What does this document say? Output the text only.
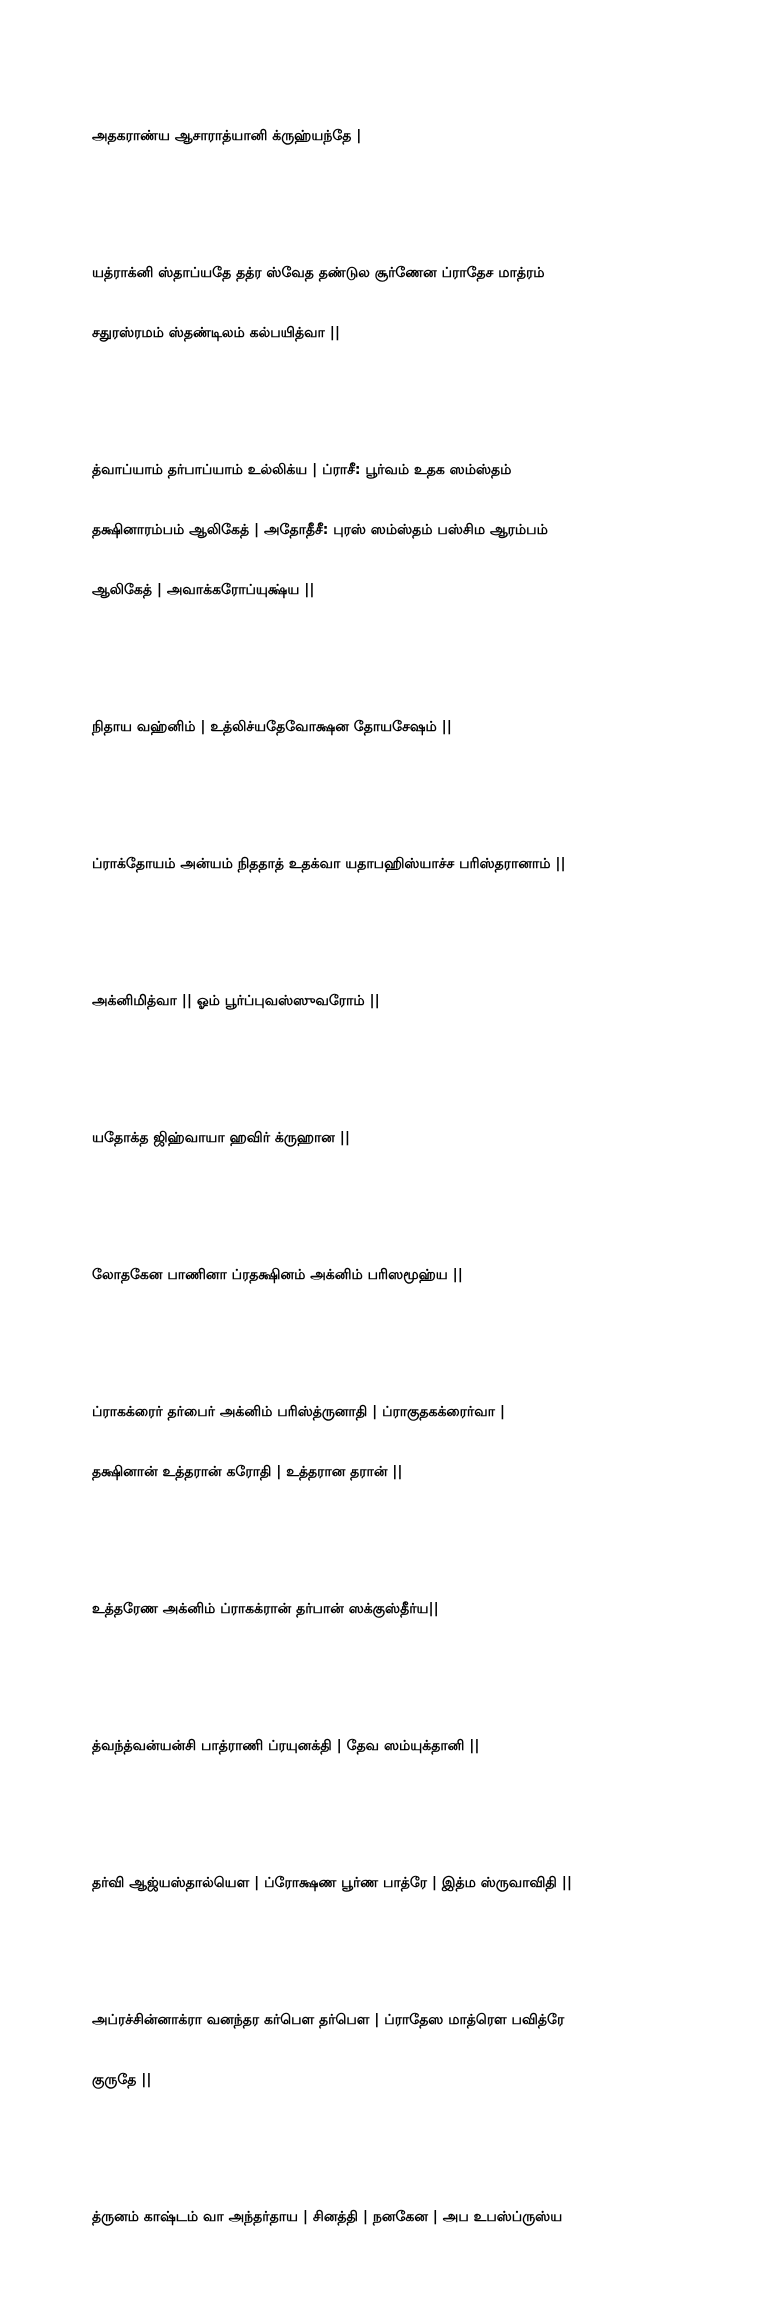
அதகராண்ய ஆசாராத்யானி க்ருஹ்யந்தே |

யத்ராக்னி ஸ்தாப்யதே தத்ர ஸ்வேத தண்டுல சூர்ணேன ப்ராதேச மாத்ரம்

சதுரஸ்ரமம் ஸ்தண்டிலம் கல்பயித்வா ||

த்வாப்யாம் தர்பாப்யாம் உல்லிக்ய | ப்ராசீ: பூர்வம் உதக ஸம்ஸ்தம்

தக்ஷினாரம்பம் ஆலிகேத் | அதோதீசீ: புரஸ் ஸம்ஸ்தம் பஸ்சிம ஆரம்பம்

ஆலிகேத் | அவாக்கரோப்யுக்ஷ்ய ||

நிதாய வஹ்னிம் | உத்லிச்யதேவோக்ஷன தோயசேஷம் ||

ப்ராக்தோயம் அன்யம் நிததாத் உதக்வா யதாபஹிஸ்யாச்ச பரிஸ்தரானாம் ||

அக்னிமித்வா || ஓம் பூர்ப்புவஸ்ஸுவரோம் ||

யதோக்த ஜிஹ்வாயா ஹவிர் க்ருஹான ||

லோதகேன பாணினா ப்ரதக்ஷினம் அக்னிம் பரிஸமூஹ்ய ||

ப்ராகக்ரைர் தர்பைர் அக்னிம் பரிஸ்த்ருனாதி | ப்ராகுதகக்ரைர்வா |

தக்ஷினான் உத்தரான் கரோதி | உத்தரான தரான் ||

உத்தரேண அக்னிம் ப்ராகக்ரான் தர்பான் ஸக்குஸ்தீர்ய||

த்வந்த்வன்யன்சி பாத்ராணி ப்ரயுனக்தி | தேவ ஸம்யுக்தானி ||

தர்வி ஆஜ்யஸ்தால்யௌ | ப்ரோக்ஷண பூர்ண பாத்ரே | இத்ம ஸ்ருவாவிதி ||

அப்ரச்சின்னாக்ரா வனந்தர கர்பௌ தர்பௌ | ப்ராதேஸ மாத்ரௌ பவித்ரே

குருதே ||

த்ருனம் காஷ்டம் வா அந்தர்தாய | சினத்தி | நனகேன | அப உபஸ்ப்ருஸ்ய
